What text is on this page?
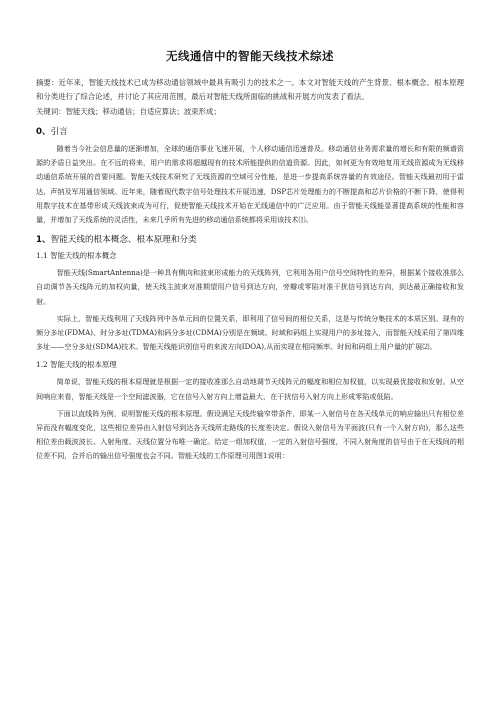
无线通信中的智能天线技术综述

摘要：近年来，智能天线技术已成为移动通信领域中最具有吸引力的技术之一。本文对智能天线的产生背景、根本概念、根本原理和分类进行了综合论述，并讨论了其应用范围，最后对智能天线所面临的挑战和开展方向发表了看法。

关键词：智能天线；移动通信；自适应算法；波束形成；

0、引言

随着当今社会信息量的逐渐增加，全球的通信事业飞速开展，个人移动通信迅速普及。移动通信业务需求量的增长和有限的频谱资源的矛盾日益突出。在不远的将来，用户的需求将超越现有的技术所能提供的信道资源。因此，如何更为有效地复用无线资源成为无线移动通信系统开展的首要问题。智能天线技术研究了无线资源的空域可分性能，是进一步提高系统容量的有效途径。智能天线最初用于雷达、声纳及军用通信领域。近年来，随着现代数字信号处理技术开展迅速，DSP芯片处理能力的不断提高和芯片价格的不断下降，使得利用数字技术在基带形成天线波束成为可行，促使智能天线技术开始在无线通信中的广泛应用。由于智能天线能显著提高系统的性能和容量，并增加了天线系统的灵活性，未来几乎所有先进的移动通信系统都将采用该技术⑴。

1、智能天线的根本概念、根本原理和分类
1.1 智能天线的根本概念

智能天线(SmartAntenna)是一种具有侧向和波束形成能力的天线阵列，它利用各用户信号空间特性的差异，根据某个接收准那么自动调节各天线阵元的加权向量，使天线主波束对准期望用户信号到达方向，旁瓣或零陷对准干扰信号到达方向，到达最正确接收和发射。

实际上，智能天线利用了天线阵列中各单元间的位置关系，即利用了信号间的相位关系，这是与传统分集技术的本质区别。现有的频分多址(FDMA)、时分多址(TDMA)和码分多址(CDMA)分别是在频域、时域和码组上实现用户的多址接入，而智能天线采用了第四维多址——空分多址(SDMA)技术。智能天线能识别信号的来波方向IDOA),从而实现在相同频率、时间和码组上用户量的扩展⑵。

1.2 智能天线的根本原理

简单说，智能天线的根本原理就是根据一定的接收准那么自动地调节天线阵元的幅度和相位加权值，以实现最优接收和发射。从空间响应来看，智能天线是一个空间滤波器，它在信号入射方向上增益最大，在干扰信号入射方向上形成零陷或低陷。

下面以直线阵为例，说明智能天线的根本原理。假设满足天线传输窄带条件，即某一入射信号在各天线单元的响应输出只有相位差异而没有幅度变化，这些相位差异由入射信号到达各天线所走路线的长度差决定。假设入射信号为平面波(只有一个入射方向)，那么这些相位差由载波波长、入射角度、天线位置分布唯一确定。给定一组加权值，一定的入射信号强度，不同入射角度的信号由于在天线间的相位差不同，合并后的输出信号强度也会不同。智能天线的工作原理可用图1说明：
